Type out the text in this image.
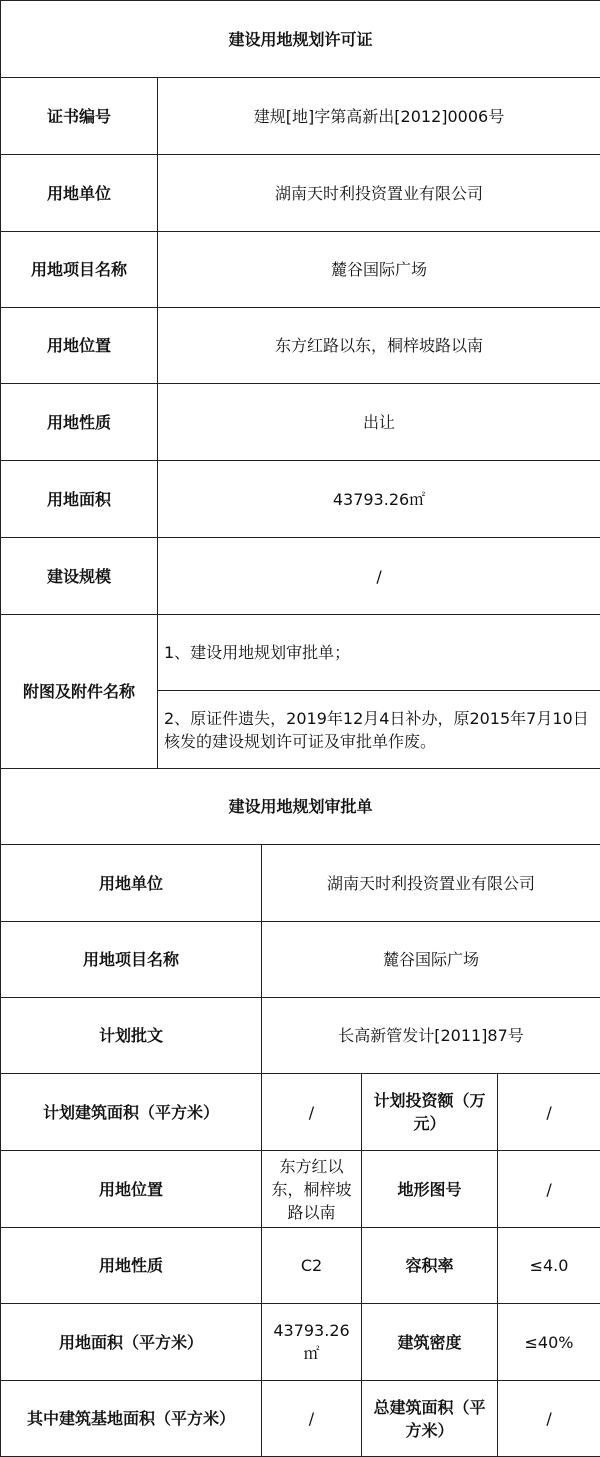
建设用地规划许可证	
证书编号	建规[地]字第高新出[2012]0006号
用地单位	湖南天时利投资置业有限公司
用地项目名称	麓谷国际广场
用地位置	东方红路以东，桐梓坡路以南
用地性质	出让
用地面积	43793.26㎡
建设规模	/
附图及附件名称	1、建设用地规划审批单；
	2、原证件遗失，2019年12月4日补办，原2015年7月10日核发的建设规划许可证及审批单作废。
建设用地规划审批单			
用地单位	湖南天时利投资置业有限公司		
用地项目名称	麓谷国际广场		
计划批文	长高新管发计[2011]87号		
计划建筑面积（平方米）	/	计划投资额（万元）	/
用地位置	东方红以东，桐梓坡路以南	地形图号	/
用地性质	C2	容积率	≤4.0
用地面积（平方米）	43793.26㎡	建筑密度	≤40%
其中建筑基地面积（平方米）	/	总建筑面积（平方米）	/
